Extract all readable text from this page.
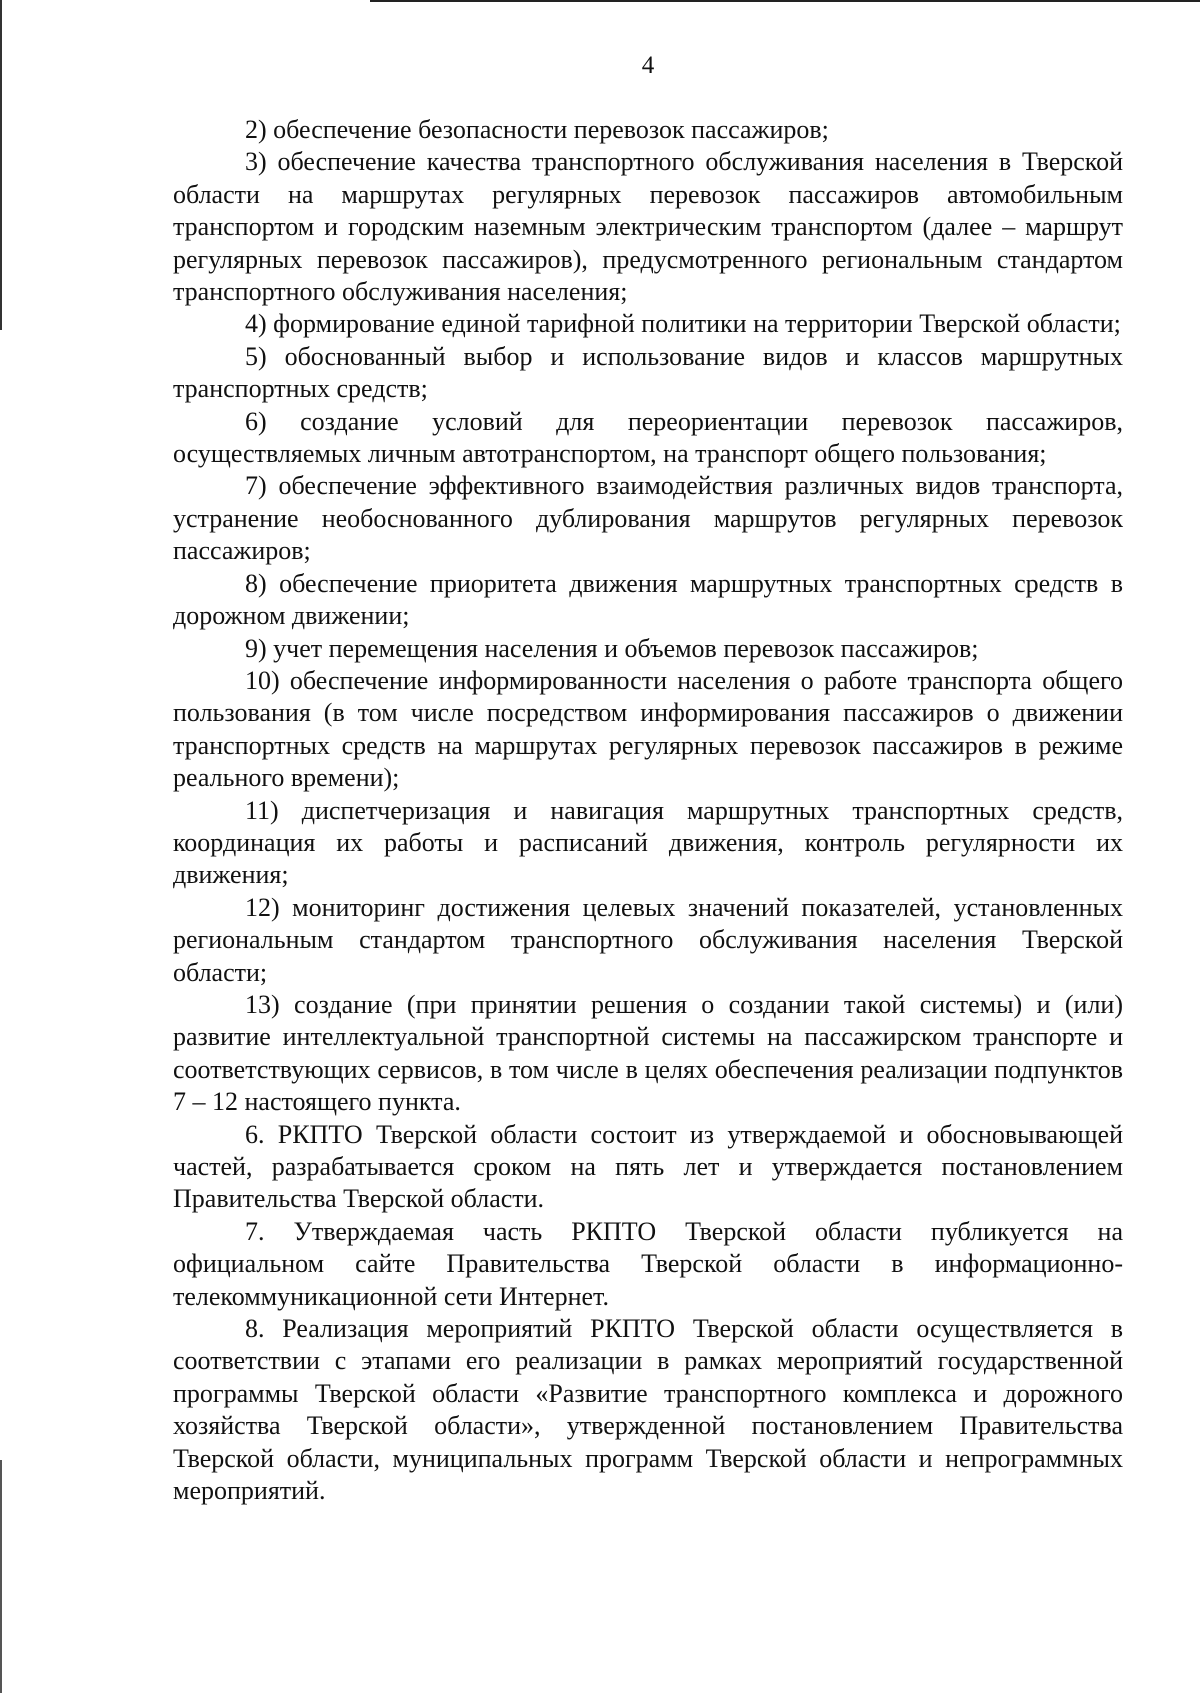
4

2) обеспечение безопасности перевозок пассажиров;

3) обеспечение качества транспортного обслуживания населения в Тверской области на маршрутах регулярных перевозок пассажиров автомобильным транспортом и городским наземным электрическим транспортом (далее – маршрут регулярных перевозок пассажиров), предусмотренного региональным стандартом транспортного обслуживания населения;

4) формирование единой тарифной политики на территории Тверской области;

5) обоснованный выбор и использование видов и классов маршрутных транспортных средств;

6) создание условий для переориентации перевозок пассажиров, осуществляемых личным автотранспортом, на транспорт общего пользования;

7) обеспечение эффективного взаимодействия различных видов транспорта, устранение необоснованного дублирования маршрутов регулярных перевозок пассажиров;

8) обеспечение приоритета движения маршрутных транспортных средств в дорожном движении;

9) учет перемещения населения и объемов перевозок пассажиров;

10) обеспечение информированности населения о работе транспорта общего пользования (в том числе посредством информирования пассажиров о движении транспортных средств на маршрутах регулярных перевозок пассажиров в режиме реального времени);

11) диспетчеризация и навигация маршрутных транспортных средств, координация их работы и расписаний движения, контроль регулярности их движения;

12) мониторинг достижения целевых значений показателей, установленных региональным стандартом транспортного обслуживания населения Тверской области;

13) создание (при принятии решения о создании такой системы) и (или) развитие интеллектуальной транспортной системы на пассажирском транспорте и соответствующих сервисов, в том числе в целях обеспечения реализации подпунктов 7 – 12 настоящего пункта.

6. РКПТО Тверской области состоит из утверждаемой и обосновывающей частей, разрабатывается сроком на пять лет и утверждается постановлением Правительства Тверской области.

7. Утверждаемая часть РКПТО Тверской области публикуется на официальном сайте Правительства Тверской области в информационно-телекоммуникационной сети Интернет.

8. Реализация мероприятий РКПТО Тверской области осуществляется в соответствии с этапами его реализации в рамках мероприятий государственной программы Тверской области «Развитие транспортного комплекса и дорожного хозяйства Тверской области», утвержденной постановлением Правительства Тверской области, муниципальных программ Тверской области и непрограммных мероприятий.
